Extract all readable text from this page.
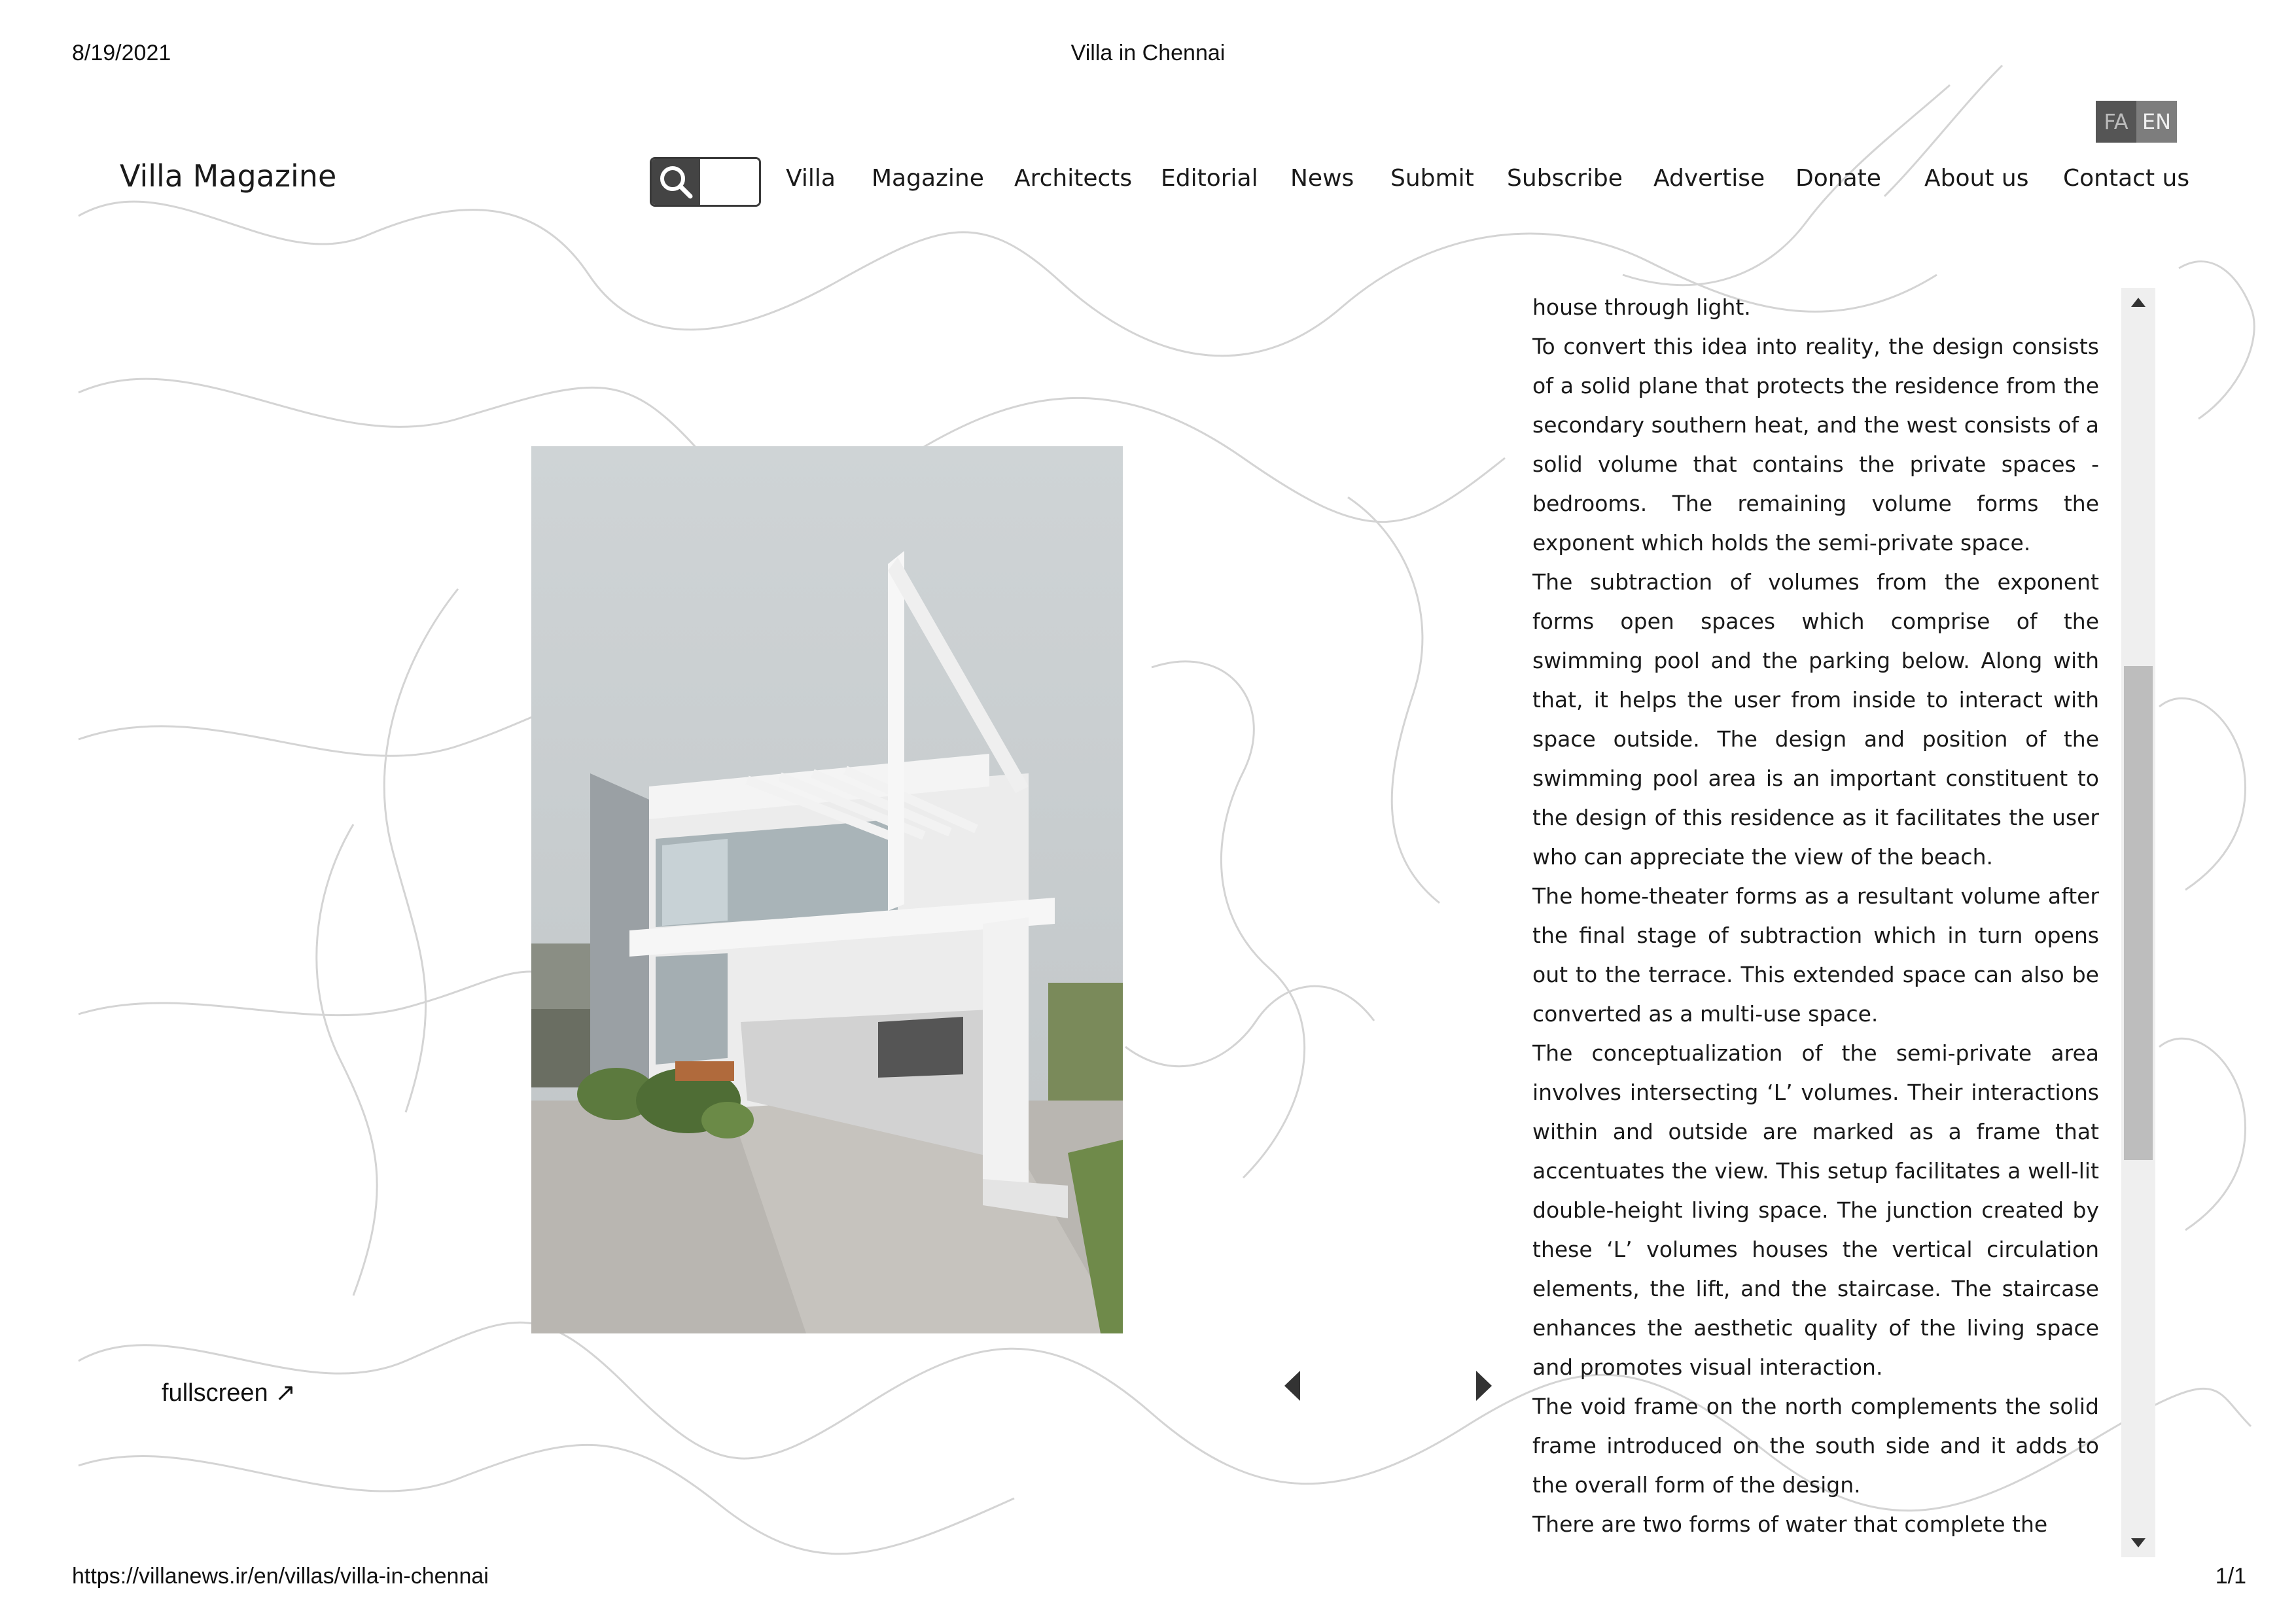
8/19/2021	Villa in Chennai
Villa Magazine	Villa Magazine Architects Editorial News Submit Subscribe Advertise Donate About us Contact us
FA EN
fullscreen ↗

house through light.

To convert this idea into reality, the design consists of a solid plane that protects the residence from the secondary southern heat, and the west consists of a solid volume that contains the private spaces - bedrooms. The remaining volume forms the exponent which holds the semi-private space.

The subtraction of volumes from the exponent forms open spaces which comprise of the swimming pool and the parking below. Along with that, it helps the user from inside to interact with space outside. The design and position of the swimming pool area is an important constituent to the design of this residence as it facilitates the user who can appreciate the view of the beach.

The home-theater forms as a resultant volume after the final stage of subtraction which in turn opens out to the terrace. This extended space can also be converted as a multi-use space.

The conceptualization of the semi-private area involves intersecting ‘L’ volumes. Their interactions within and outside are marked as a frame that accentuates the view. This setup facilitates a well-lit double-height living space. The junction created by these ‘L’ volumes houses the vertical circulation elements, the lift, and the staircase. The staircase enhances the aesthetic quality of the living space and promotes visual interaction.

The void frame on the north complements the solid frame introduced on the south side and it adds to the overall form of the design.

There are two forms of water that complete the

https://villanews.ir/en/villas/villa-in-chennai	1/1
